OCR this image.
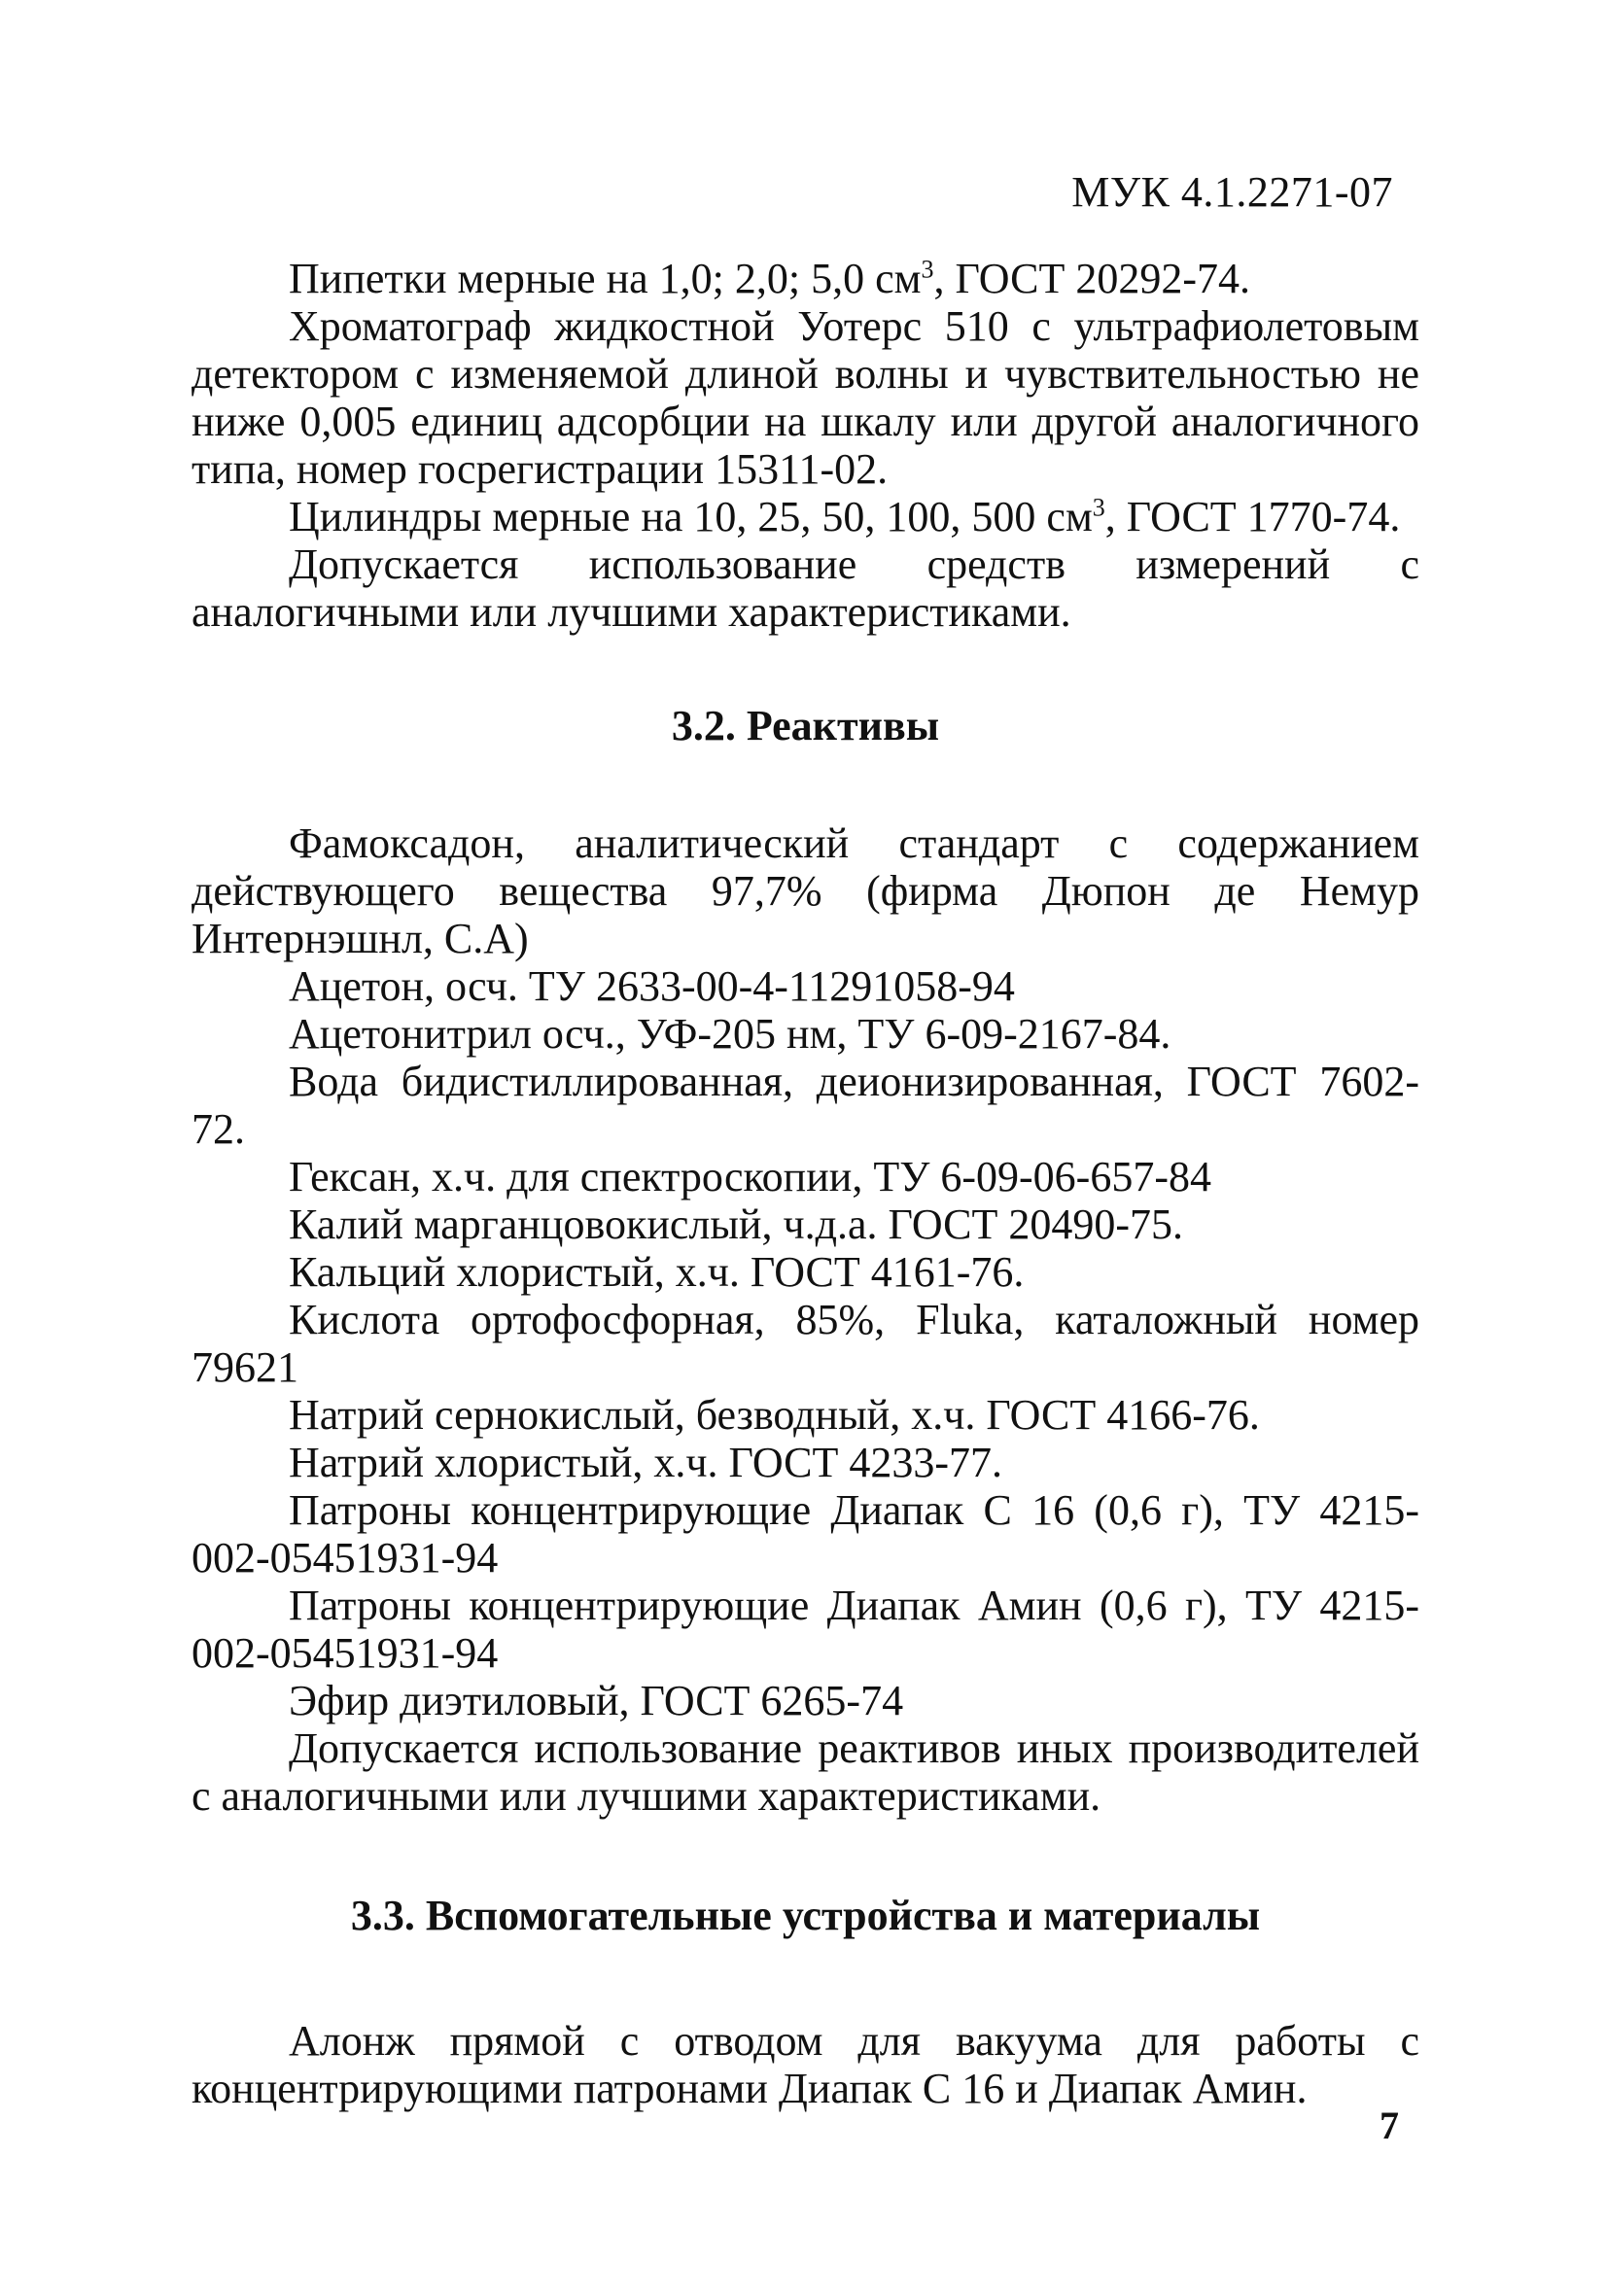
МУК 4.1.2271-07

Пипетки мерные на 1,0; 2,0; 5,0 $см^3$, ГОСТ 20292-74.

Хроматограф жидкостной Уотерс 510 с ультрафиолетовым детектором с изменяемой длиной волны и чувствительностью не ниже 0,005 единиц адсорбции на шкалу или другой аналогичного типа, номер госрегистрации 15311-02.

Цилиндры мерные на 10, 25, 50, 100, 500 $см^3$, ГОСТ 1770-74.

Допускается использование средств измерений с аналогичными или лучшими характеристиками.

3.2. Реактивы

Фамоксадон, аналитический стандарт с содержанием действующего вещества 97,7% (фирма Дюпон де Немур Интернэшнл, С.А)

Ацетон, осч. ТУ 2633-00-4-11291058-94

Ацетонитрил осч., УФ-205 нм, ТУ 6-09-2167-84.

Вода бидистиллированная, деионизированная, ГОСТ 7602-72.

Гексан, х.ч. для спектроскопии, ТУ 6-09-06-657-84

Калий марганцовокислый, ч.д.а. ГОСТ 20490-75.

Кальций хлористый, х.ч. ГОСТ 4161-76.

Кислота ортофосфорная, 85%, Fluka, каталожный номер 79621

Натрий сернокислый, безводный, х.ч. ГОСТ 4166-76.

Натрий хлористый, х.ч. ГОСТ 4233-77.

Патроны концентрирующие Диапак С 16 (0,6 г), ТУ 4215-002-05451931-94

Патроны концентрирующие Диапак Амин (0,6 г), ТУ 4215-002-05451931-94

Эфир диэтиловый, ГОСТ 6265-74

Допускается использование реактивов иных производителей с аналогичными или лучшими характеристиками.

3.3. Вспомогательные устройства и материалы

Алонж прямой с отводом для вакуума для работы с концентрирующими патронами Диапак С 16 и Диапак Амин.

7
